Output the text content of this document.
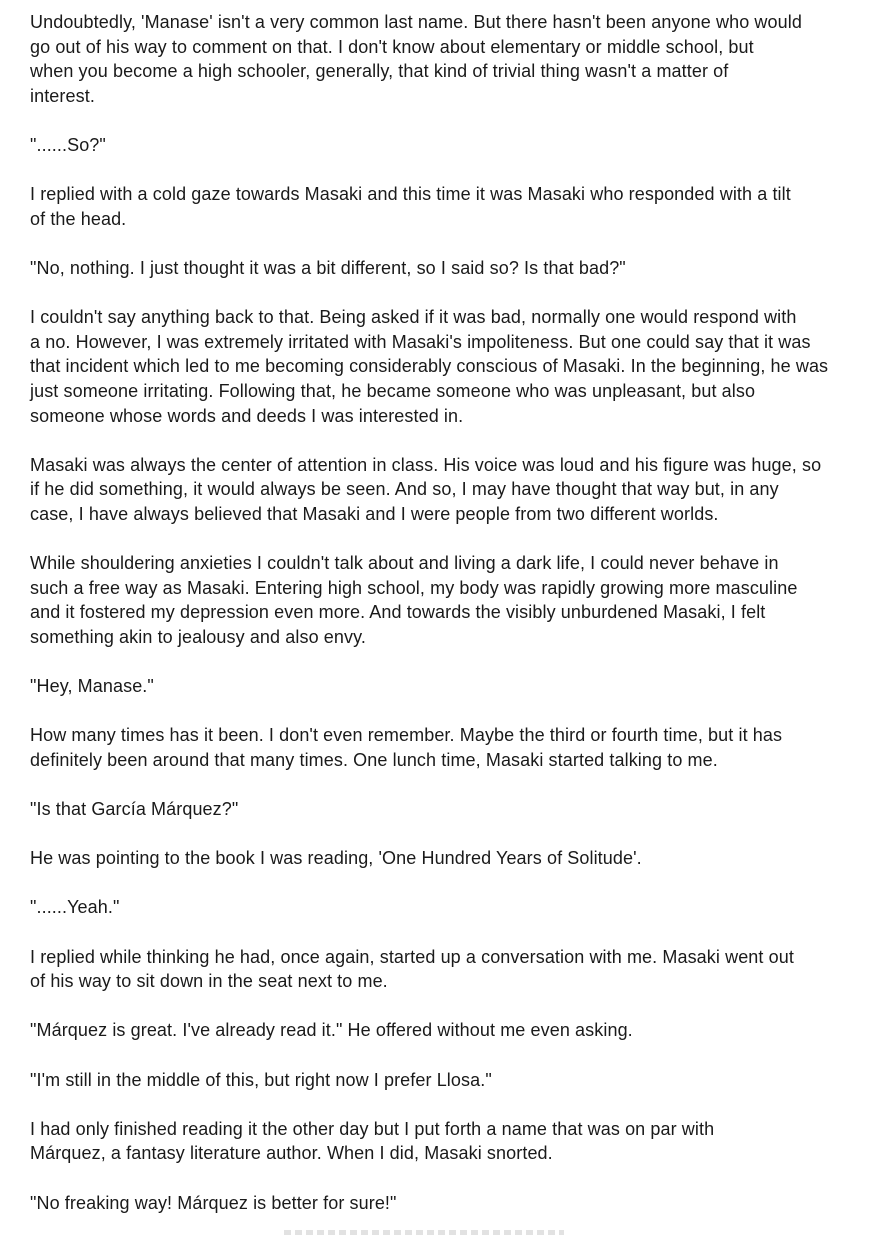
Undoubtedly, 'Manase' isn't a very common last name. But there hasn't been anyone who would
go out of his way to comment on that. I don't know about elementary or middle school, but
when you become a high schooler, generally, that kind of trivial thing wasn't a matter of
interest.

"......So?"

I replied with a cold gaze towards Masaki and this time it was Masaki who responded with a tilt
of the head.

"No, nothing. I just thought it was a bit different, so I said so? Is that bad?"

I couldn't say anything back to that. Being asked if it was bad, normally one would respond with
a no. However, I was extremely irritated with Masaki's impoliteness. But one could say that it was
that incident which led to me becoming considerably conscious of Masaki. In the beginning, he was
just someone irritating. Following that, he became someone who was unpleasant, but also
someone whose words and deeds I was interested in.

Masaki was always the center of attention in class. His voice was loud and his figure was huge, so
if he did something, it would always be seen. And so, I may have thought that way but, in any
case, I have always believed that Masaki and I were people from two different worlds.

While shouldering anxieties I couldn't talk about and living a dark life, I could never behave in
such a free way as Masaki. Entering high school, my body was rapidly growing more masculine
and it fostered my depression even more. And towards the visibly unburdened Masaki, I felt
something akin to jealousy and also envy.

"Hey, Manase."

How many times has it been. I don't even remember. Maybe the third or fourth time, but it has
definitely been around that many times. One lunch time, Masaki started talking to me.

"Is that García Márquez?"

He was pointing to the book I was reading, 'One Hundred Years of Solitude'.

"......Yeah."

I replied while thinking he had, once again, started up a conversation with me. Masaki went out
of his way to sit down in the seat next to me.

"Márquez is great. I've already read it." He offered without me even asking.

"I'm still in the middle of this, but right now I prefer Llosa."

I had only finished reading it the other day but I put forth a name that was on par with
Márquez, a fantasy literature author. When I did, Masaki snorted.

"No freaking way! Márquez is better for sure!"
